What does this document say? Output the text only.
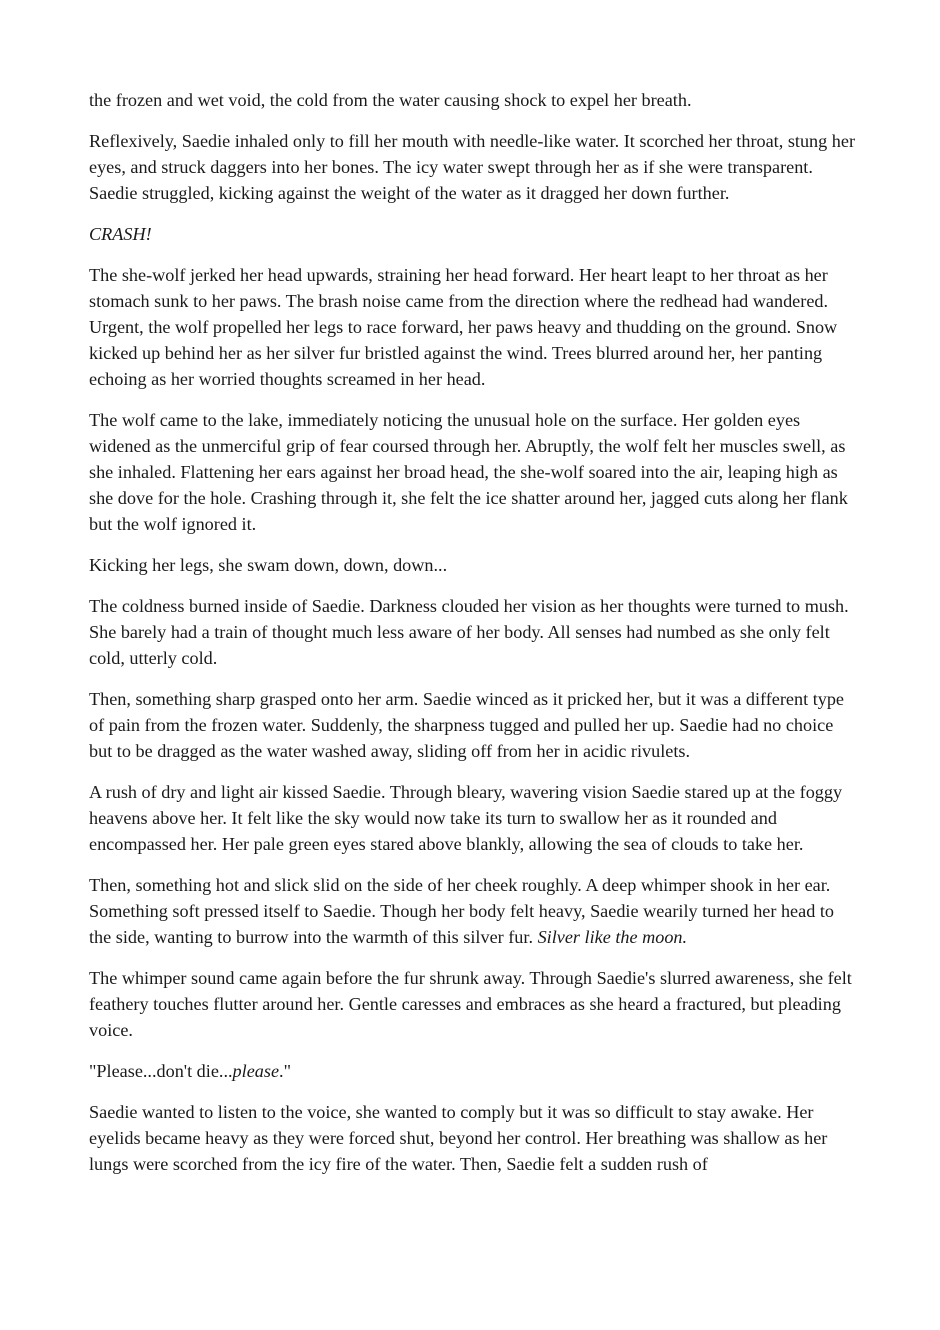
the frozen and wet void, the cold from the water causing shock to expel her breath.

Reflexively, Saedie inhaled only to fill her mouth with needle-like water. It scorched her throat, stung her eyes, and struck daggers into her bones. The icy water swept through her as if she were transparent. Saedie struggled, kicking against the weight of the water as it dragged her down further.

CRASH!

The she-wolf jerked her head upwards, straining her head forward. Her heart leapt to her throat as her stomach sunk to her paws. The brash noise came from the direction where the redhead had wandered. Urgent, the wolf propelled her legs to race forward, her paws heavy and thudding on the ground. Snow kicked up behind her as her silver fur bristled against the wind. Trees blurred around her, her panting echoing as her worried thoughts screamed in her head.

The wolf came to the lake, immediately noticing the unusual hole on the surface. Her golden eyes widened as the unmerciful grip of fear coursed through her. Abruptly, the wolf felt her muscles swell, as she inhaled. Flattening her ears against her broad head, the she-wolf soared into the air, leaping high as she dove for the hole. Crashing through it, she felt the ice shatter around her, jagged cuts along her flank but the wolf ignored it.

Kicking her legs, she swam down, down, down...

The coldness burned inside of Saedie. Darkness clouded her vision as her thoughts were turned to mush. She barely had a train of thought much less aware of her body. All senses had numbed as she only felt cold, utterly cold.

Then, something sharp grasped onto her arm. Saedie winced as it pricked her, but it was a different type of pain from the frozen water. Suddenly, the sharpness tugged and pulled her up. Saedie had no choice but to be dragged as the water washed away, sliding off from her in acidic rivulets.

A rush of dry and light air kissed Saedie. Through bleary, wavering vision Saedie stared up at the foggy heavens above her. It felt like the sky would now take its turn to swallow her as it rounded and encompassed her. Her pale green eyes stared above blankly, allowing the sea of clouds to take her.

Then, something hot and slick slid on the side of her cheek roughly. A deep whimper shook in her ear. Something soft pressed itself to Saedie. Though her body felt heavy, Saedie wearily turned her head to the side, wanting to burrow into the warmth of this silver fur. Silver like the moon.

The whimper sound came again before the fur shrunk away. Through Saedie's slurred awareness, she felt feathery touches flutter around her. Gentle caresses and embraces as she heard a fractured, but pleading voice.

"Please...don't die...please."

Saedie wanted to listen to the voice, she wanted to comply but it was so difficult to stay awake. Her eyelids became heavy as they were forced shut, beyond her control. Her breathing was shallow as her lungs were scorched from the icy fire of the water. Then, Saedie felt a sudden rush of
